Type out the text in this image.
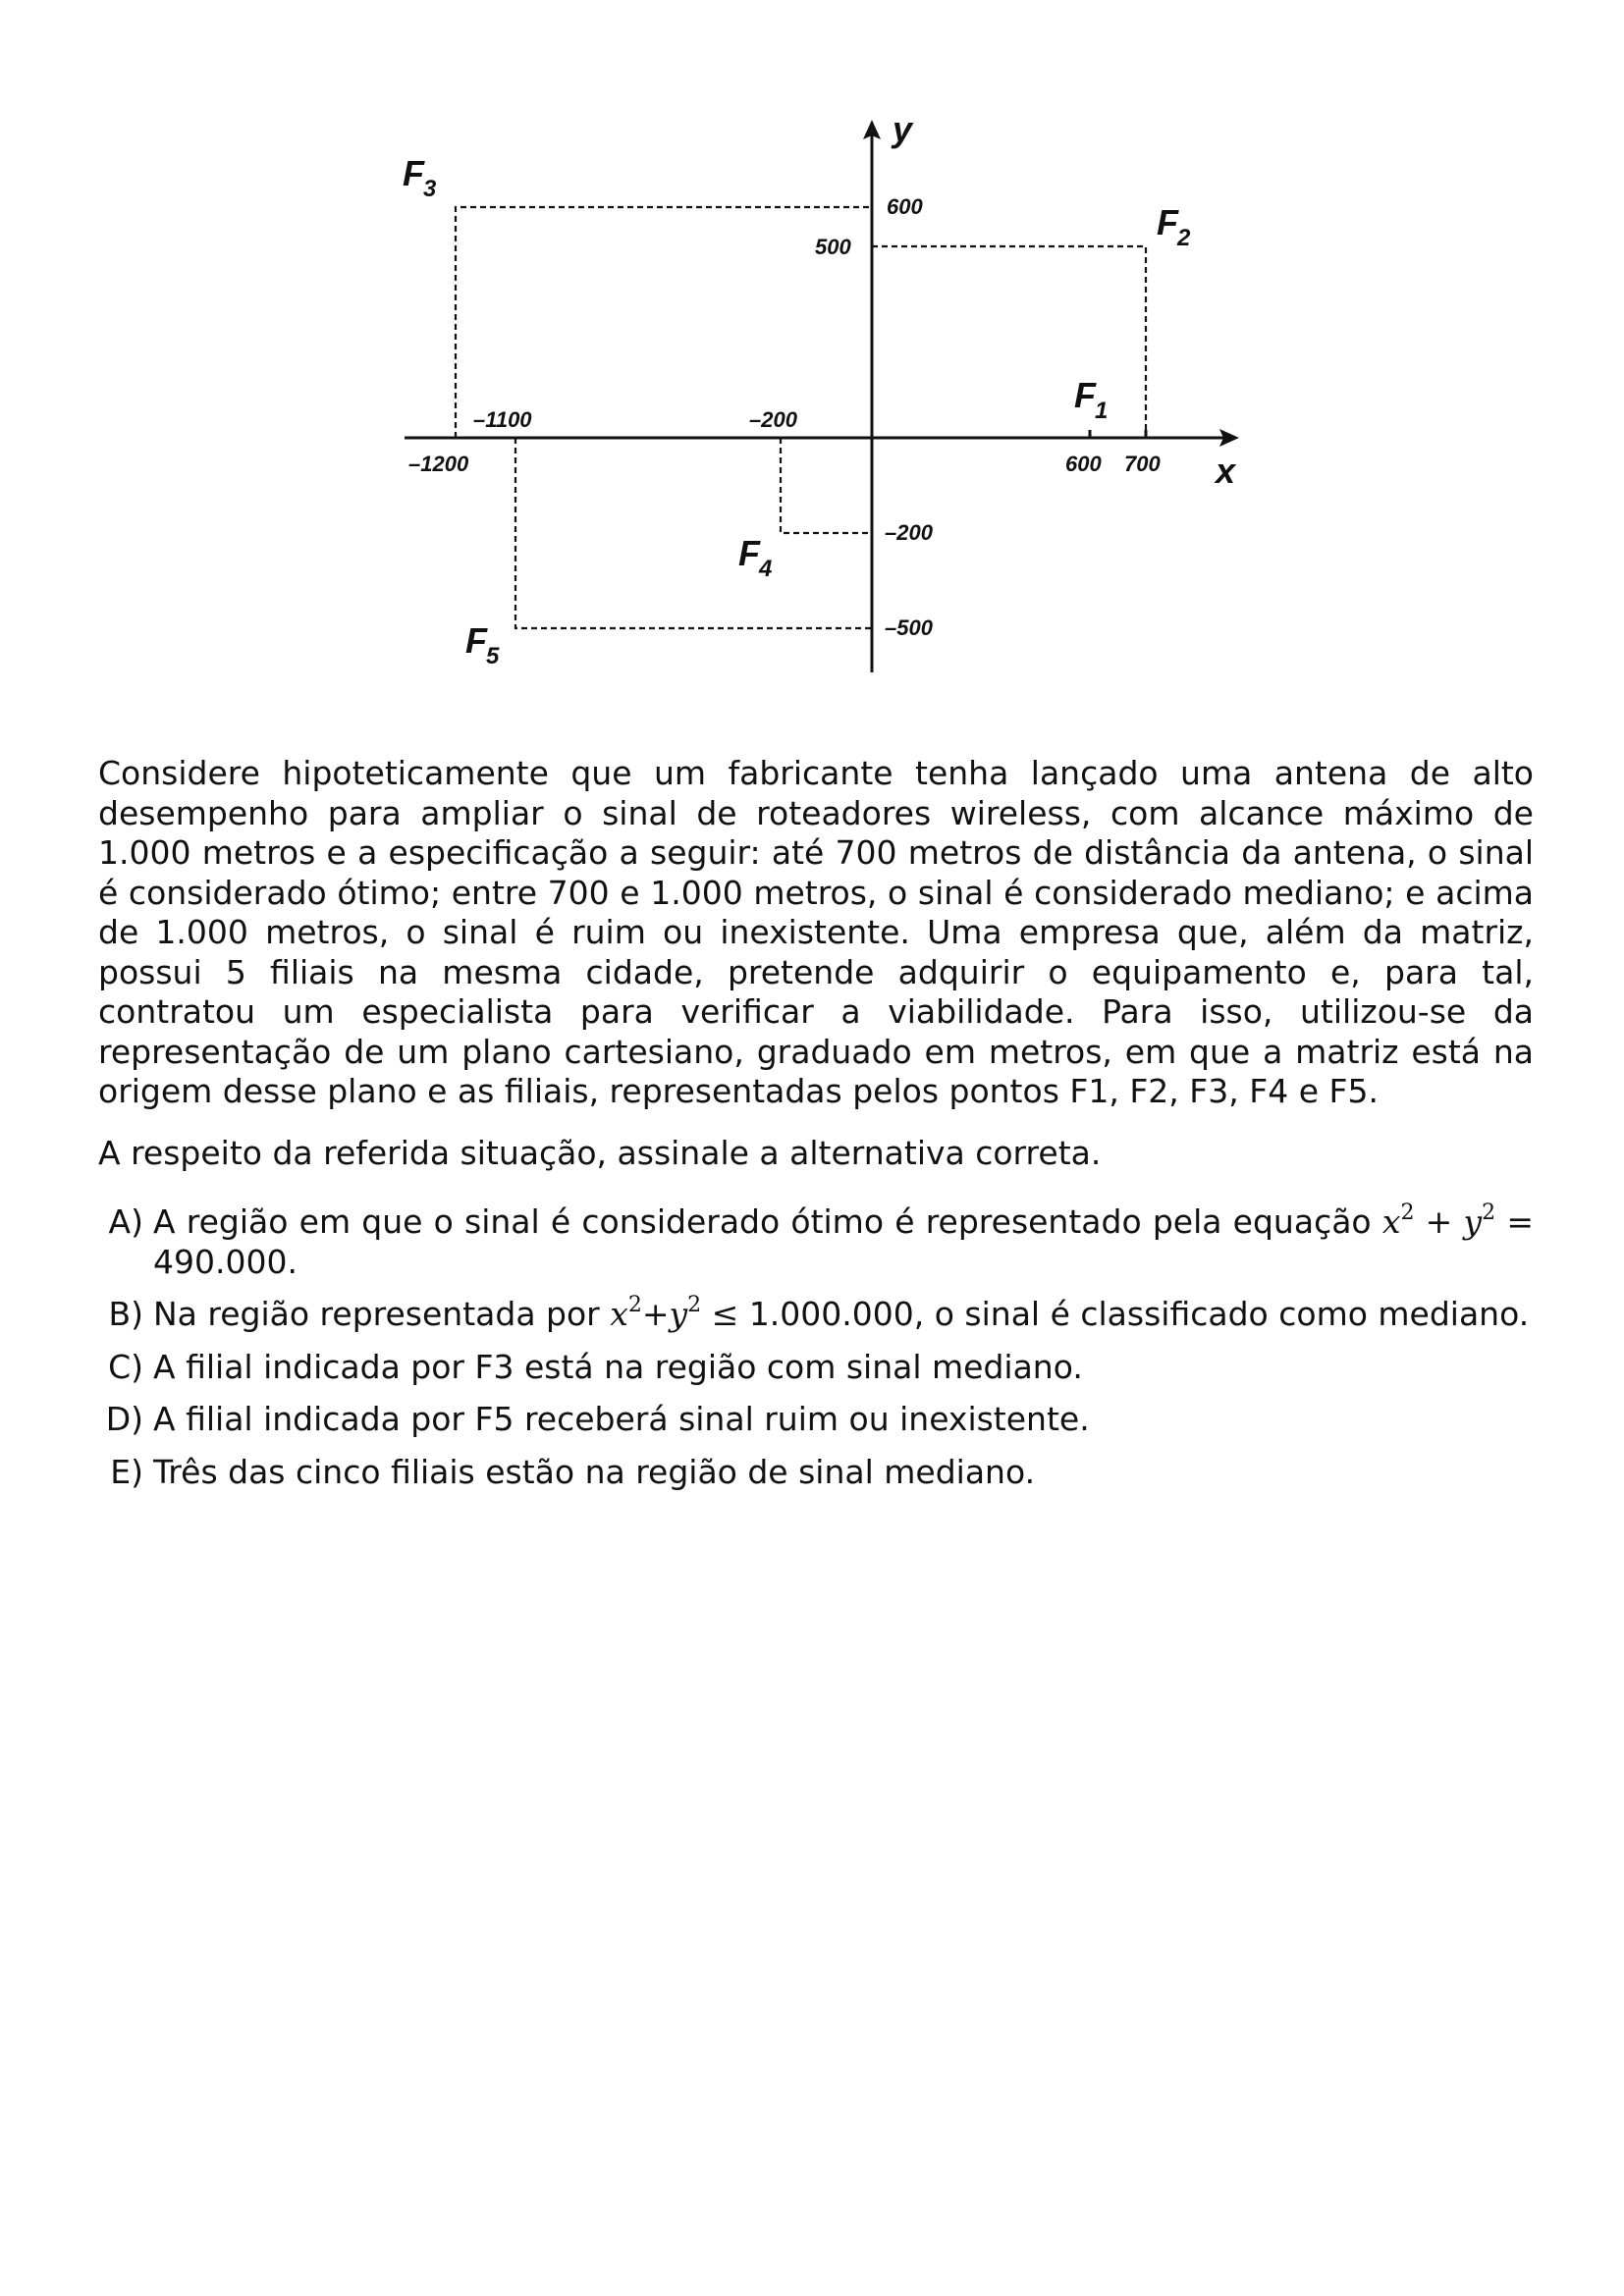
x
y
600
500
–200
–500
600 700
–1200
–1100	–200
F 1
F 2
F 3
F 4
F 5

Considere hipoteticamente que um fabricante tenha lançado uma antena de alto desempenho para ampliar o sinal de roteadores wireless, com alcance máximo de 1.000 metros e a especificação a seguir: até 700 metros de distância da antena, o sinal é considerado ótimo; entre 700 e 1.000 metros, o sinal é considerado mediano; e acima de 1.000 metros, o sinal é ruim ou inexistente. Uma empresa que, além da matriz, possui 5 filiais na mesma cidade, pretende adquirir o equipamento e, para tal, contratou um especialista para verificar a viabilidade. Para isso, utilizou-se da representação de um plano cartesiano, graduado em metros, em que a matriz está na origem desse plano e as filiais, representadas pelos pontos F1, F2, F3, F4 e F5.

A respeito da referida situação, assinale a alternativa correta.

A) A região em que o sinal é considerado ótimo é representado pela equação $x^2 + y^2 = 490.000$.
B) Na região representada por $x^2+y^2 \le 1.000.000$, o sinal é classificado como mediano.
C) A filial indicada por F3 está na região com sinal mediano.
D) A filial indicada por F5 receberá sinal ruim ou inexistente.
E) Três das cinco filiais estão na região de sinal mediano.
